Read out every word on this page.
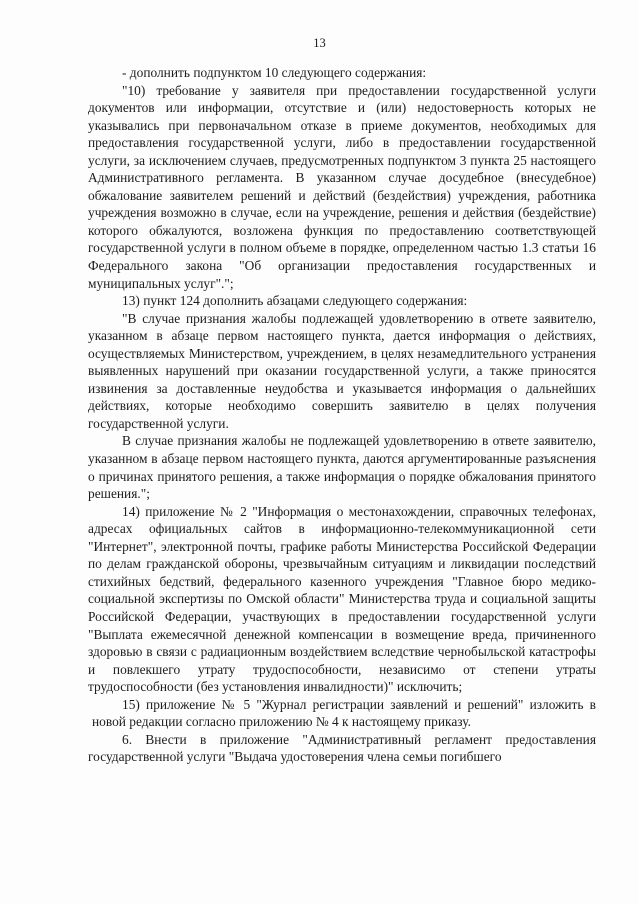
13

- дополнить подпунктом 10 следующего содержания:

"10) требование у заявителя при предоставлении государственной услуги документов или информации, отсутствие и (или) недостоверность которых не указывались при первоначальном отказе в приеме документов, необходимых для предоставления государственной услуги, либо в предоставлении государственной услуги, за исключением случаев, предусмотренных подпунктом 3 пункта 25 настоящего Административного регламента. В указанном случае досудебное (внесудебное) обжалование заявителем решений и действий (бездействия) учреждения, работника учреждения возможно в случае, если на учреждение, решения и действия (бездействие) которого обжалуются, возложена функция по предоставлению соответствующей государственной услуги в полном объеме в порядке, определенном частью 1.3 статьи 16 Федерального закона "Об организации предоставления государственных и муниципальных услуг".";

13) пункт 124 дополнить абзацами следующего содержания:

"В случае признания жалобы подлежащей удовлетворению в ответе заявителю, указанном в абзаце первом настоящего пункта, дается информация о действиях, осуществляемых Министерством, учреждением, в целях незамедлительного устранения выявленных нарушений при оказании государственной услуги, а также приносятся извинения за доставленные неудобства и указывается информация о дальнейших действиях, которые необходимо совершить заявителю в целях получения государственной услуги.

В случае признания жалобы не подлежащей удовлетворению в ответе заявителю, указанном в абзаце первом настоящего пункта, даются аргументированные разъяснения о причинах принятого решения, а также информация о порядке обжалования принятого решения.";

14) приложение № 2 "Информация о местонахождении, справочных телефонах, адресах официальных сайтов в информационно-телекоммуникационной сети "Интернет", электронной почты, графике работы Министерства Российской Федерации по делам гражданской обороны, чрезвычайным ситуациям и ликвидации последствий стихийных бедствий, федерального казенного учреждения "Главное бюро медико-социальной экспертизы по Омской области" Министерства труда и социальной защиты Российской Федерации, участвующих в предоставлении государственной услуги "Выплата ежемесячной денежной компенсации в возмещение вреда, причиненного здоровью в связи с радиационным воздействием вследствие чернобыльской катастрофы и повлекшего утрату трудоспособности, независимо от степени утраты трудоспособности (без установления инвалидности)" исключить;

15) приложение № 5 "Журнал регистрации заявлений и решений" изложить в новой редакции согласно приложению № 4 к настоящему приказу.

6. Внести в приложение "Административный регламент предоставления государственной услуги "Выдача удостоверения члена семьи погибшего
